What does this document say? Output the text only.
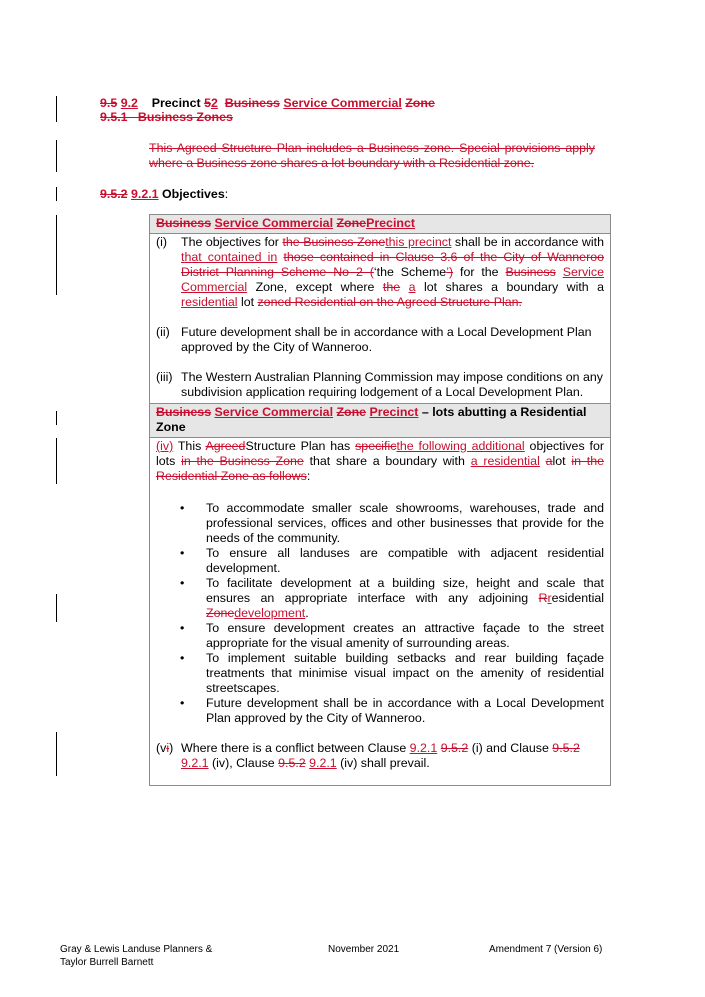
9.5 9.2 Precinct 52 Business Service Commercial Zone
9.5.1   Business Zones
This Agreed Structure Plan includes a Business zone. Special provisions apply where a Business zone shares a lot boundary with a Residential zone.
9.5.2 9.2.1 Objectives:
Business Service Commercial ZonePrecinct

(i)	The objectives for the Business Zonethis precinct shall be in accordance with that contained in those contained in Clause 3.6 of the City of Wanneroo District Planning Scheme No 2 (‘the Scheme’) for the Business Service Commercial Zone, except where the a lot shares a boundary with a residential lot zoned Residential on the Agreed Structure Plan.
(ii) Future development shall be in accordance with a Local Development Plan approved by the City of Wanneroo.
(iii) The Western Australian Planning Commission may impose conditions on any subdivision application requiring lodgement of a Local Development Plan.

Business Service Commercial Zone Precinct – lots abutting a Residential Zone

(iv) This AgreedStructure Plan has specificthe following additional objectives for lots in the Business Zone that share a boundary with a residential alot in the Residential Zone as follows:
•	To accommodate smaller scale showrooms, warehouses, trade and professional services, offices and other businesses that provide for the needs of the community.
•	To ensure all landuses are compatible with adjacent residential development.
•	To facilitate development at a building size, height and scale that ensures an appropriate interface with any adjoining Rresidential Zonedevelopment.
•	To ensure development creates an attractive façade to the street appropriate for the visual amenity of surrounding areas.
•	To implement suitable building setbacks and rear building façade treatments that minimise visual impact on the amenity of residential streetscapes.
•	Future development shall be in accordance with a Local Development Plan approved by the City of Wanneroo.
(vi) Where there is a conflict between Clause 9.2.1 9.5.2 (i) and Clause 9.5.2 9.2.1 (iv), Clause 9.5.2 9.2.1 (iv) shall prevail.
Gray & Lewis Landuse Planners &
Taylor Burrell Barnett
November 2021	Amendment 7 (Version 6)
